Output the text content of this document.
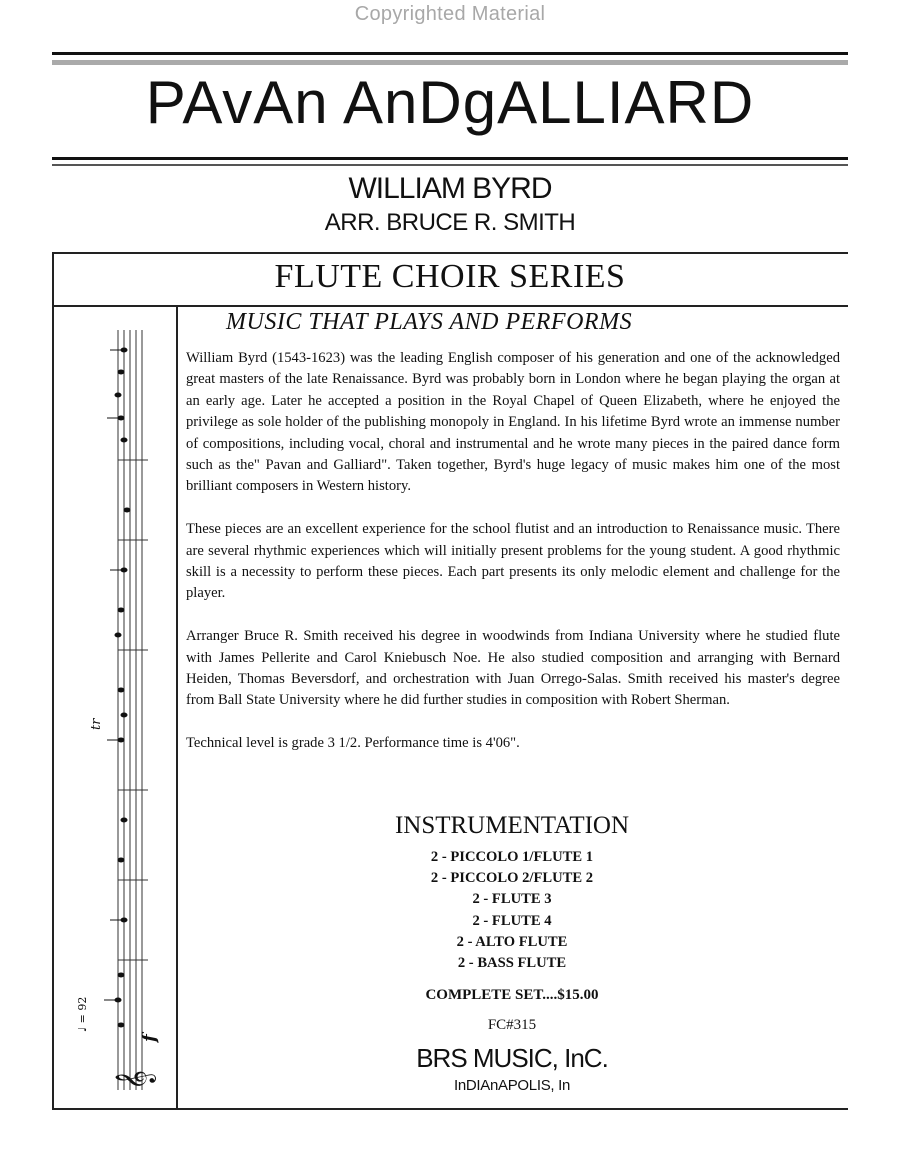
Copyrighted Material
PAvAn AnDgALLIARD
WILLIAM BYRD
ARR. BRUCE R. SMITH
FLUTE CHOIR SERIES
MUSIC THAT PLAYS AND PERFORMS

William Byrd (1543-1623) was the leading English composer of his generation and one of the acknowledged great masters of the late Renaissance. Byrd was probably born in London where he began playing the organ at an early age. Later he accepted a position in the Royal Chapel of Queen Elizabeth, where he enjoyed the privilege as sole holder of the publishing monopoly in England. In his lifetime Byrd wrote an immense number of compositions, including vocal, choral and instrumental and he wrote many pieces in the paired dance form such as the" Pavan and Galliard". Taken together, Byrd's huge legacy of music makes him one of the most brilliant composers in Western history.

These pieces are an excellent experience for the school flutist and an introduction to Renaissance music. There are several rhythmic experiences which will initially present problems for the young student. A good rhythmic skill is a necessity to perform these pieces. Each part presents its only melodic element and challenge for the player.

Arranger Bruce R. Smith received his degree in woodwinds from Indiana University where he studied flute with James Pellerite and Carol Kniebusch Noe. He also studied composition and arranging with Bernard Heiden, Thomas Beversdorf, and orchestration with Juan Orrego-Salas. Smith received his master's degree from Ball State University where he did further studies in composition with Robert Sherman.

Technical level is grade 3 1/2. Performance time is 4'06".

INSTRUMENTATION
2 - PICCOLO 1/FLUTE 1
2 - PICCOLO 2/FLUTE 2
2 - FLUTE 3
2 - FLUTE 4
2 - ALTO FLUTE
2 - BASS FLUTE
COMPLETE SET....$15.00
FC#315
BRS MUSIC, InC.
InDIAnAPOLIS, In
tr
♩ = 92
f
𝄞
